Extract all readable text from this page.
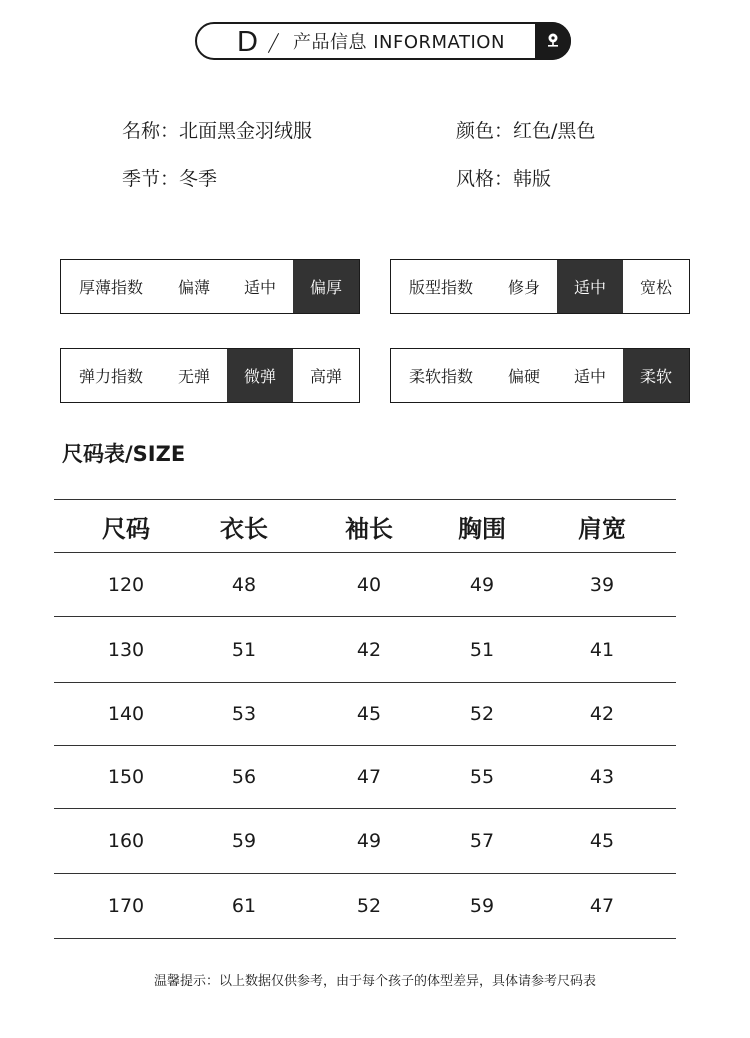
D 产品信息 INFORMATION
名称：北面黑金羽绒服	颜色：红色/黑色
季节：冬季	风格：韩版
厚薄指数	偏薄	适中	偏厚	版型指数	修身	适中	宽松
弹力指数	无弹	微弹	高弹	柔软指数	偏硬	适中	柔软
尺码表/SIZE
尺码	衣长	袖长	胸围	肩宽
120	48	40	49	39
130	51	42	51	41
140	53	45	52	42
150	56	47	55	43
160	59	49	57	45
170	61	52	59	47
温馨提示：以上数据仅供参考，由于每个孩子的体型差异，具体请参考尺码表
